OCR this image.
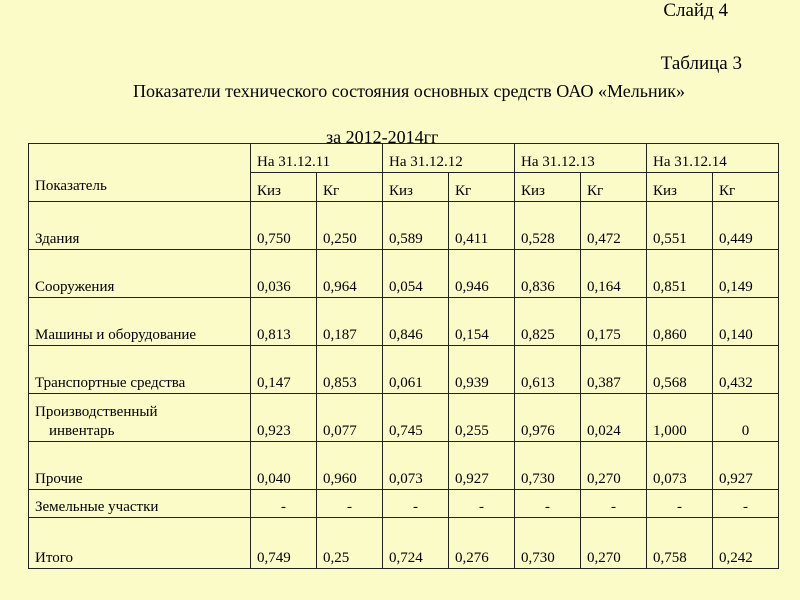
Слайд 4
Таблица 3
Показатели технического состояния основных средств ОАО «Мельник»
за 2012-2014гг
Показатель	На 31.12.11		На 31.12.12		На 31.12.13		На 31.12.14	
	Киз	Кг	Киз	Кг	Киз	Кг	Киз	Кг
Здания	0,750	0,250	0,589	0,411	0,528	0,472	0,551	0,449
Сооружения	0,036	0,964	0,054	0,946	0,836	0,164	0,851	0,149
Машины и оборудование	0,813	0,187	0,846	0,154	0,825	0,175	0,860	0,140
Транспортные средства	0,147	0,853	0,061	0,939	0,613	0,387	0,568	0,432
Производственный
инвентарь	0,923	0,077	0,745	0,255	0,976	0,024	1,000	0
Прочие	0,040	0,960	0,073	0,927	0,730	0,270	0,073	0,927
Земельные участки	-	-	-	-	-	-	-	-
Итого	0,749	0,25	0,724	0,276	0,730	0,270	0,758	0,242
